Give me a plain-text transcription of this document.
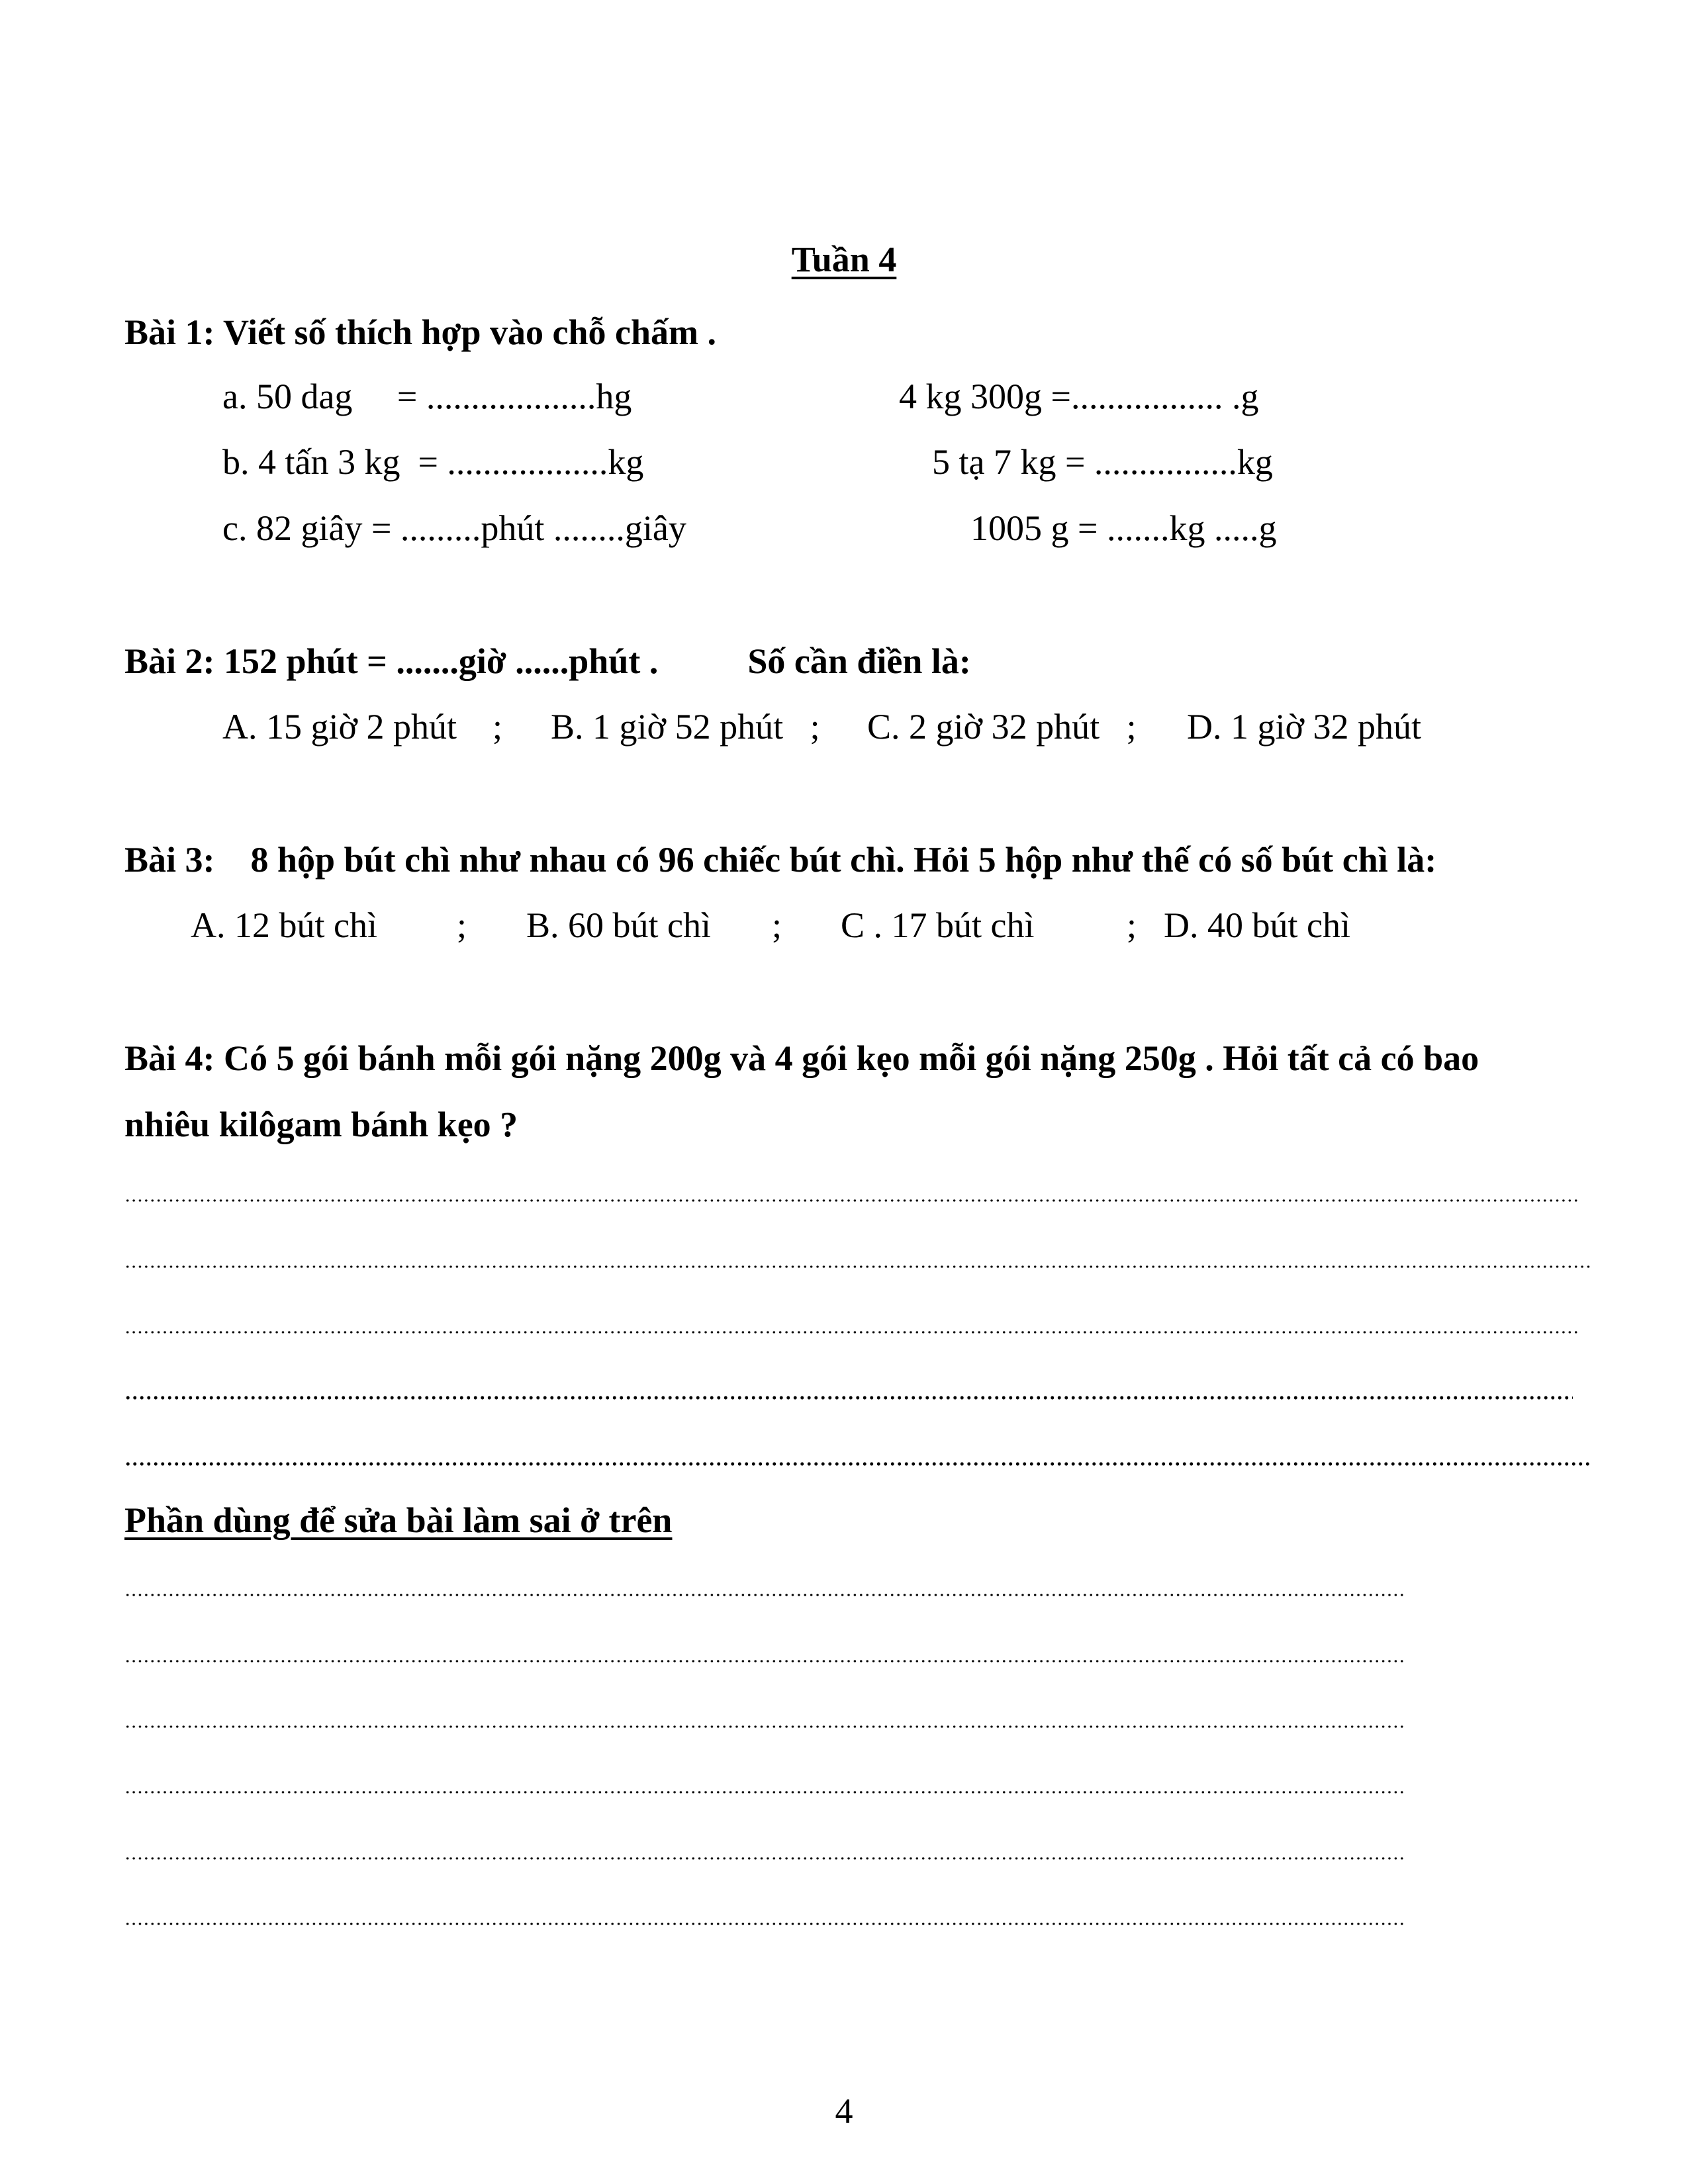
Tuần 4
Bài 1: Viết số thích hợp vào chỗ chấm .
a. 50 dag     = ...................hg	4 kg 300g =................. .g
b. 4 tấn 3 kg  = ..................kg	5 tạ 7 kg = ................kg
c. 82 giây = .........phút ........giây	1005 g = .......kg .....g
Bài 2: 152 phút = .......giờ ......phút .          Số cần điền là:
A. 15 giờ 2 phút    ; B. 1 giờ 52 phút   ; C. 2 giờ 32 phút   ; D. 1 giờ 32 phút
Bài 3:    8 hộp bút chì như nhau có 96 chiếc bút chì. Hỏi 5 hộp như thế có số bút chì là:
A. 12 bút chì ; B. 60 bút chì ; C . 17 bút chì	; D. 40 bút chì
Bài 4: Có 5 gói bánh mỗi gói nặng 200g và 4 gói kẹo mỗi gói nặng 250g . Hỏi tất cả có bao
nhiêu kilôgam bánh kẹo ?
Phần dùng để sửa bài làm sai ở trên
4
